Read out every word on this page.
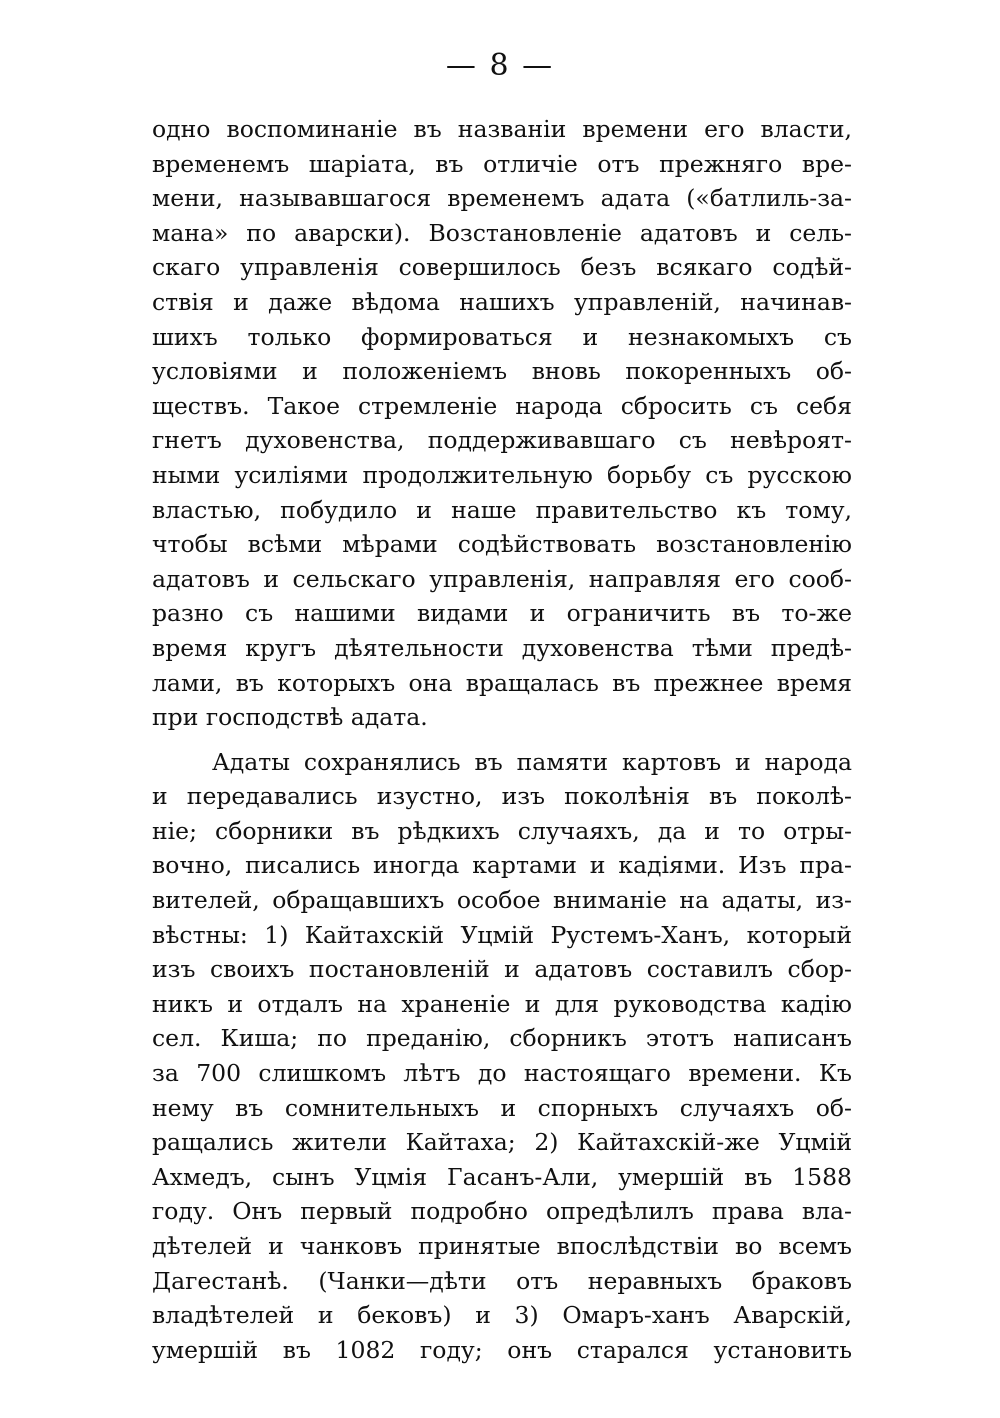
— 8 —
одно воспоминанiе въ названiи времени его власти,
временемъ шарiата, въ отличiе отъ прежняго вре-
мени, называвшагося временемъ адата («батлиль-за-
мана» по аварски). Возстановленiе адатовъ и сель-
скаго управленiя совершилось безъ всякаго содѣй-
ствiя и даже вѣдома нашихъ управленiй, начинав-
шихъ только формироваться и незнакомыхъ съ
условiями и положенiемъ вновь покоренныхъ об-
ществъ. Такое стремленiе народа сбросить съ себя
гнетъ духовенства, поддерживавшаго съ невѣроят-
ными усилiями продолжительную борьбу съ русскою
властью, побудило и наше правительство къ тому,
чтобы всѣми мѣрами содѣйствовать возстановленiю
адатовъ и сельскаго управленiя, направляя его сооб-
разно съ нашими видами и ограничить въ то-же
время кругъ дѣятельности духовенства тѣми предѣ-
лами, въ которыхъ она вращалась въ прежнее время
при господствѣ адата.
Адаты сохранялись въ памяти картовъ и народа
и передавались изустно, изъ поколѣнiя въ поколѣ-
нiе; сборники въ рѣдкихъ случаяхъ, да и то отры-
вочно, писались иногда картами и кадiями. Изъ пра-
вителей, обращавшихъ особое вниманiе на адаты, из-
вѣстны: 1) Кайтахскiй Уцмiй Рустемъ-Ханъ, который
изъ своихъ постановленiй и адатовъ составилъ сбор-
никъ и отдалъ на храненiе и для руководства кадiю
сел. Киша; по преданiю, сборникъ этотъ написанъ
за 700 слишкомъ лѣтъ до настоящаго времени. Къ
нему въ сомнительныхъ и спорныхъ случаяхъ об-
ращались жители Кайтаха; 2) Кайтахскiй-же Уцмiй
Ахмедъ, сынъ Уцмiя Гасанъ-Али, умершiй въ 1588
году. Онъ первый подробно опредѣлилъ права вла-
дѣтелей и чанковъ принятые впослѣдствiи во всемъ
Дагестанѣ. (Чанки—дѣти отъ неравныхъ браковъ
владѣтелей и бековъ) и 3) Омаръ-ханъ Аварскiй,
умершiй въ 1082 году; онъ старался установить
